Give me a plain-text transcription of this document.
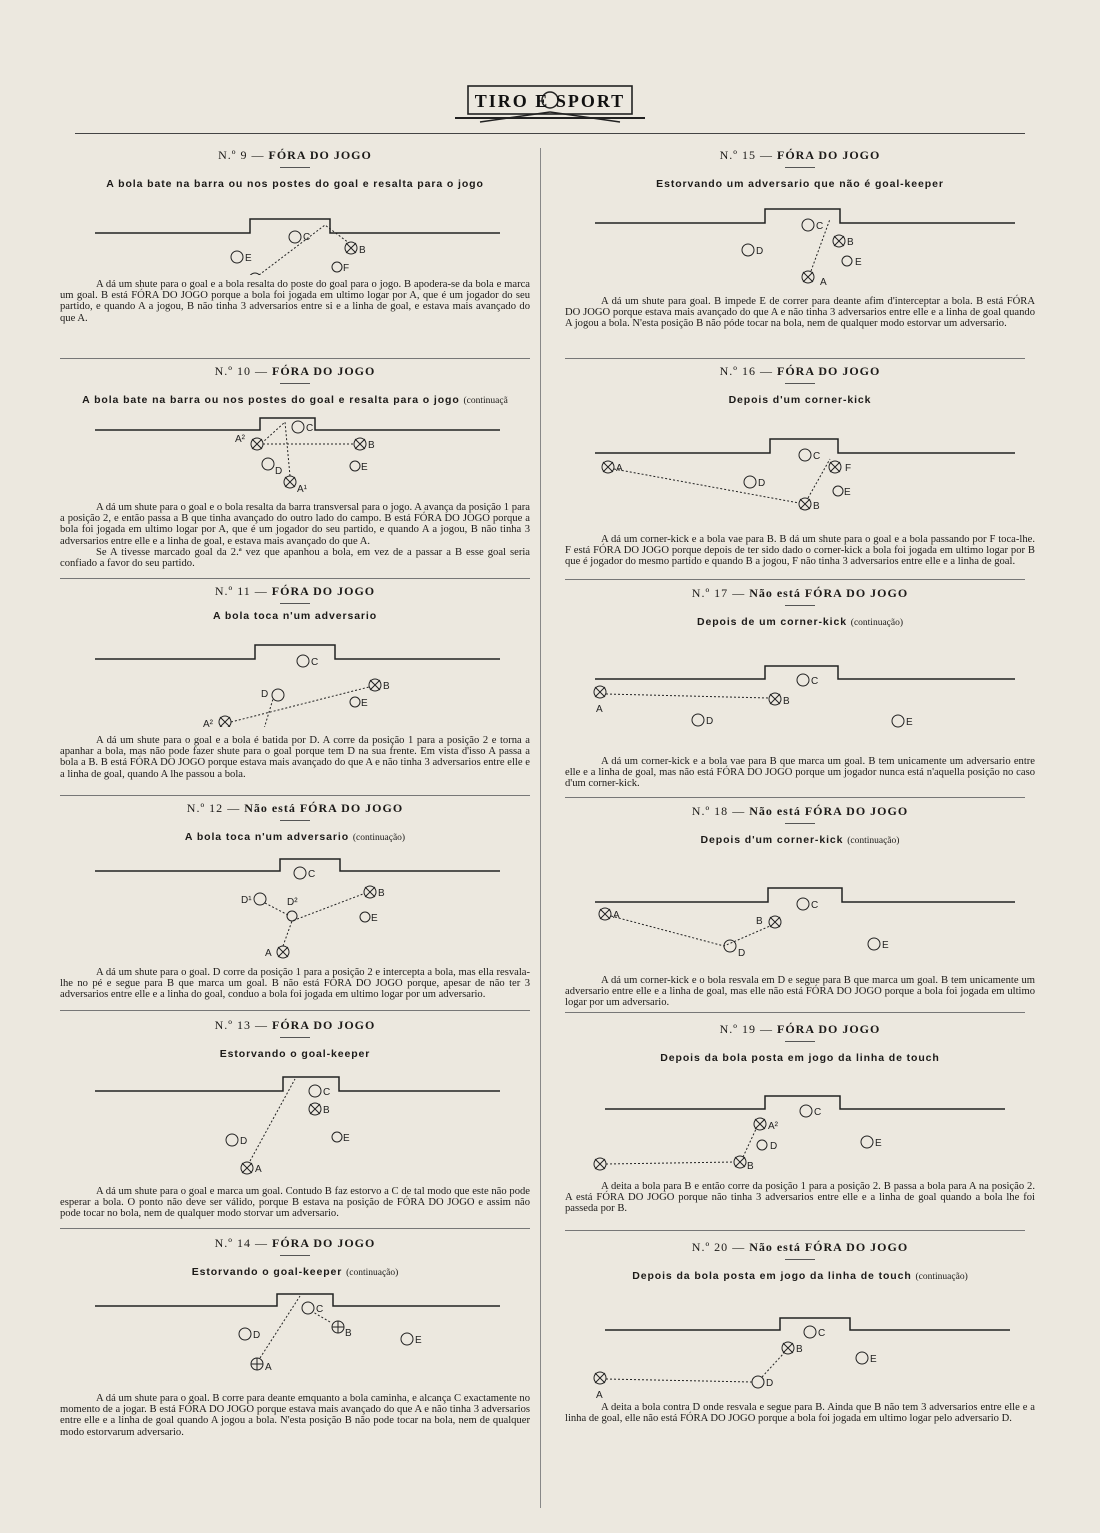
TIRO E SPORT

N.º 9 — FÓRA DO JOGO

A bola bate na barra ou nos postes do goal e resalta para o jogo

C
E
B
F

A dá um shute para o goal e a bola resalta do poste do goal para o jogo. B apodera-se da bola e marca um goal. B está FÓRA DO JOGO porque a bola foi jogada em ultimo logar por A, que é um jogador do seu partido, e quando A a jogou, B não tinha 3 adversarios entre si e a linha de goal, e estava mais avançado do que A.

N.º 10 — FÓRA DO JOGO

A bola bate na barra ou nos postes do goal e resalta para o jogo (continuaçã

C
A²
B
D	E
A¹

A dá um shute para o goal e o bola resalta da barra transversal para o jogo. A avança da posição 1 para a posição 2, e então passa a B que tinha avançado do outro lado do campo. B está FÓRA DO JOGO porque a bola foi jogada em ultimo logar por A, que é um jogador do seu partido, e quando A a jogou, B não tinha 3 adversarios entre elle e a linha de goal, e estava mais avançado do que A.

Se A tivesse marcado goal da 2.ª vez que apanhou a bola, em vez de a passar a B esse goal seria confiado a favor do seu partido.

N.º 11 — FÓRA DO JOGO

A bola toca n'um adversario

C
D
B
E
A²

A dá um shute para o goal e a bola é batida por D. A corre da posição 1 para a posição 2 e torna a apanhar a bola, mas não pode fazer shute para o goal porque tem D na sua frente. Em vista d'isso A passa a bola a B. B está FÓRA DO JOGO porque estava mais avançado do que A e não tinha 3 adversarios entre elle e a linha de goal, quando A lhe passou a bola.

N.º 12 — Não está FÓRA DO JOGO

A bola toca n'um adversario (continuação)

C
D¹	D²
B
E
A

A dá um shute para o goal. D corre da posição 1 para a posição 2 e intercepta a bola, mas ella resvala-lhe no pé e segue para B que marca um goal. B não está FÓRA DO JOGO porque, apesar de não ter 3 adversarios entre elle e a linha do goal, conduo a bola foi jogada em ultimo logar por um adversario.

N.º 13 — FÓRA DO JOGO

Estorvando o goal-keeper

C
B
D	E
A

A dá um shute para o goal e marca um goal. Contudo B faz estorvo a C de tal modo que este não pode esperar a bola. O ponto não deve ser válido, porque B estava na posição de FÓRA DO JOGO e assim não pode tocar no bola, nem de qualquer modo storvar um adversario.

N.º 14 — FÓRA DO JOGO

Estorvando o goal-keeper (continuação)

C
D	B
E
A

A dá um shute para o goal. B corre para deante emquanto a bola caminha, e alcança C exactamente no momento de a jogar. B está FÓRA DO JOGO porque estava mais avançado do que A e não tinha 3 adversarios entre elle e a linha de goal quando A jogou a bola. N'esta posição B não pode tocar na bola, nem de qualquer modo estorvarum adversario.

N.º 15 — FÓRA DO JOGO

Estorvando um adversario que não é goal-keeper

C
D
B
E
A

A dá um shute para goal. B impede E de correr para deante afim d'interceptar a bola. B está FÓRA DO JOGO porque estava mais avançado do que A e não tinha 3 adversarios entre elle e a linha de goal quando A jogou a bola. N'esta posição B não póde tocar na bola, nem de qualquer modo estorvar um adversario.

N.º 16 — FÓRA DO JOGO

Depois d'um corner-kick

C
A	F
D
E
B

A dá um corner-kick e a bola vae para B. B dá um shute para o goal e a bola passando por F toca-lhe. F está FÓRA DO JOGO porque depois de ter sido dado o corner-kick a bola foi jogada em ultimo logar por B que é jogador do mesmo partido e quando B a jogou, F não tinha 3 adversarios entre elle e a linha de goal.

N.º 17 — Não está FÓRA DO JOGO

Depois de um corner-kick (continuação)

C
A
B
D	E

A dá um corner-kick e a bola vae para B que marca um goal. B tem unicamente um adversario entre elle e a linha de goal, mas não está FÓRA DO JOGO porque um jogador nunca está n'aquella posição no caso d'um corner-kick.

N.º 18 — Não está FÓRA DO JOGO

Depois d'um corner-kick (continuação)

C
A
B
D
E

A dá um corner-kick e o bola resvala em D e segue para B que marca um goal. B tem unicamente um adversario entre elle e a linha de goal, mas elle não está FÓRA DO JOGO porque a bola foi jogada em ultimo logar por um adversario.

N.º 19 — FÓRA DO JOGO

Depois da bola posta em jogo da linha de touch

C
A²
D	E
B

A deita a bola para B e então corre da posição 1 para a posição 2. B passa a bola para A na posição 2. A está FÓRA DO JOGO porque não tinha 3 adversarios entre elle e a linha de goal quando a bola lhe foi passeda por B.

N.º 20 — Não está FÓRA DO JOGO

Depois da bola posta em jogo da linha de touch (continuação)

C
B
E
A
D

A deita a bola contra D onde resvala e segue para B. Ainda que B não tem 3 adversarios entre elle e a linha de goal, elle não está FÓRA DO JOGO porque a bola foi jogada em ultimo logar pelo adversario D.
